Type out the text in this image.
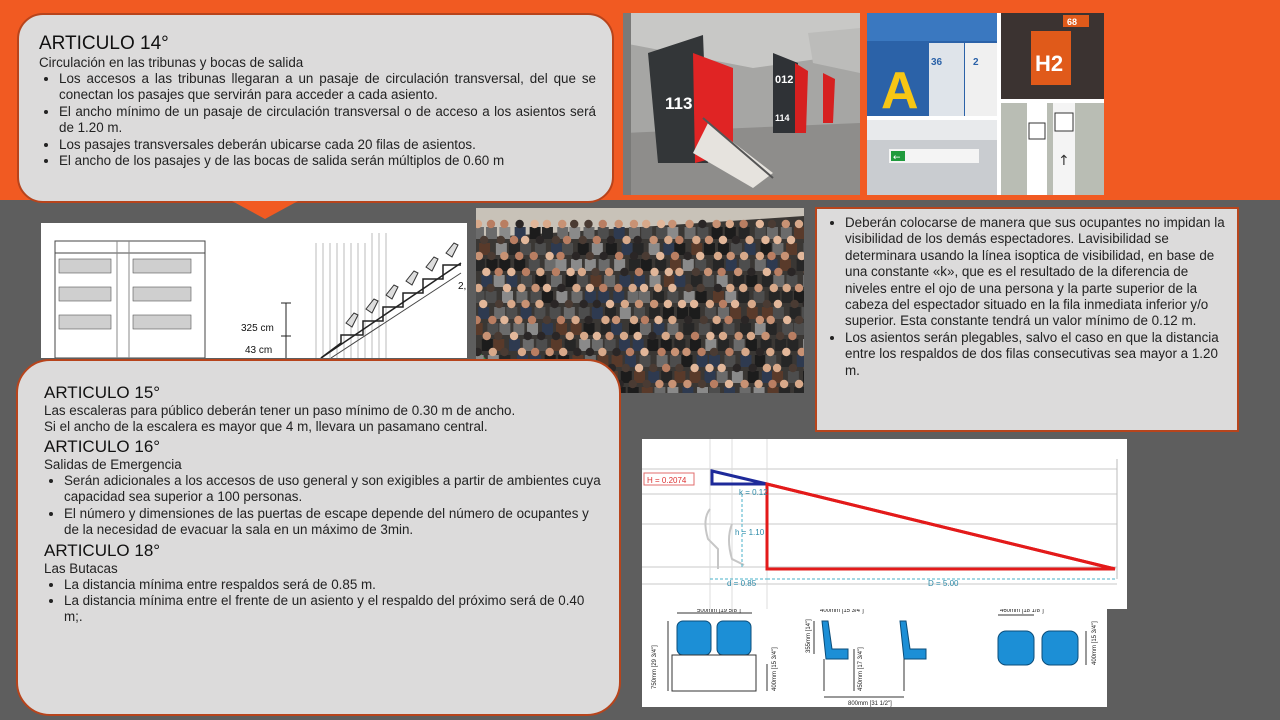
ARTICULO 14°
Circulación en las tribunas y bocas de salida
• Los accesos a las tribunas llegaran a un pasaje de circulación transversal, del que se conectan los pasajes que servirán para acceder a cada asiento.
• El ancho mínimo de un pasaje de circulación transversal o de acceso a los asientos será de 1.20 m.
• Los pasajes transversales deberán ubicarse cada 20 filas de asientos.
• El ancho de los pasajes y de las bocas de salida serán múltiplos de 0.60 m
113
012
114 A 36	2	H2
68
←	↑
325 cm
43 cm
2,
• Deberán colocarse de manera que sus ocupantes no impidan la visibilidad de los demás espectadores. Lavisibilidad se determinara usando la línea isoptica de visibilidad, en base de una constante «k», que es el resultado de la diferencia de niveles entre el ojo de una persona y la parte superior de la cabeza del espectador situado en la fila inmediata inferior y/o superior. Esta constante tendrá un valor mínimo de 0.12 m.
• Los asientos serán plegables, salvo el caso en que la distancia entre los respaldos de dos filas consecutivas sea mayor a 1.20 m.
ARTICULO 15°
Las escaleras para público deberán tener un paso mínimo de 0.30 m de ancho.
Si el ancho de la escalera es mayor que 4 m, llevara un pasamano central.
ARTICULO 16°
Salidas de Emergencia
• Serán adicionales a los accesos de uso general y son exigibles a partir de ambientes cuya capacidad sea superior a 100 personas.
• El número y dimensiones de las puertas de escape depende del número de ocupantes y de la necesidad de evacuar la sala en un máximo de 3min.
ARTICULO 18°
Las Butacas
• La distancia mínima entre respaldos será de 0.85 m.
• La distancia mínima entre el frente de un asiento y el respaldo del próximo será de 0.40 m;.
H = 0.2074
k = 0.12
h = 1.10
d = 0.85	D = 5.00
500mm [19 5/8"]
750mm [29 3/4"]	400mm [15 3/4"]
400mm [15 3/4"]
355mm [14"]
450mm [17 3/4"]
800mm [31 1/2"]
460mm [18 1/8"]
400mm [15 3/4"]
